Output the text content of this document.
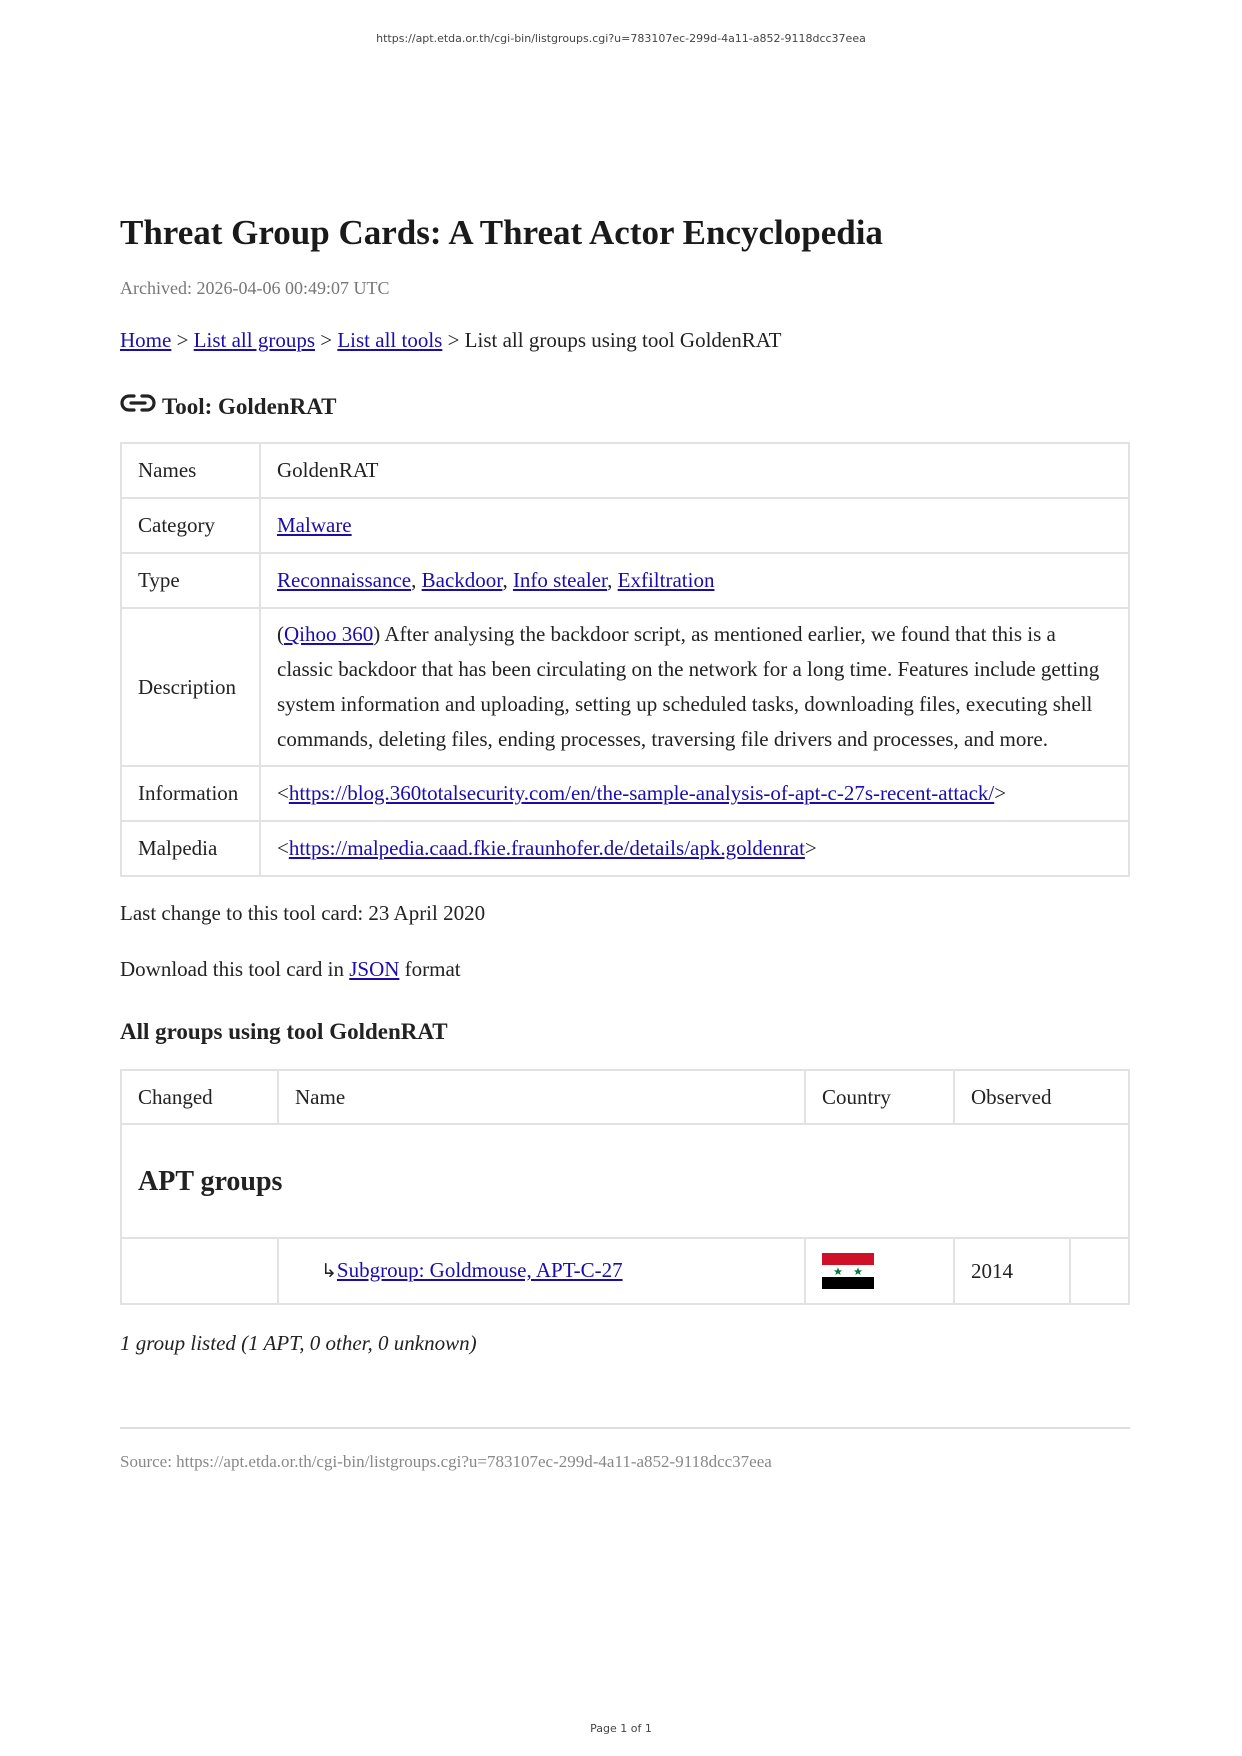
https://apt.etda.or.th/cgi-bin/listgroups.cgi?u=783107ec-299d-4a11-a852-9118dcc37eea
Threat Group Cards: A Threat Actor Encyclopedia
Archived: 2026-04-06 00:49:07 UTC
Home > List all groups > List all tools > List all groups using tool GoldenRAT
Tool: GoldenRAT
Names	GoldenRAT
Category	Malware
Type	Reconnaissance, Backdoor, Info stealer, Exfiltration
Description	(Qihoo 360) After analysing the backdoor script, as mentioned earlier, we found that this is a classic backdoor that has been circulating on the network for a long time. Features include getting system information and uploading, setting up scheduled tasks, downloading files, executing shell commands, deleting files, ending processes, traversing file drivers and processes, and more.
Information	<https://blog.360totalsecurity.com/en/the-sample-analysis-of-apt-c-27s-recent-attack/>
Malpedia	<https://malpedia.caad.fkie.fraunhofer.de/details/apk.goldenrat>
Last change to this tool card: 23 April 2020
Download this tool card in JSON format
All groups using tool GoldenRAT
Changed	Name	Country	Observed	
APT groups				
	↳Subgroup: Goldmouse, APT-C-27		2014	
1 group listed (1 APT, 0 other, 0 unknown)
Source: https://apt.etda.or.th/cgi-bin/listgroups.cgi?u=783107ec-299d-4a11-a852-9118dcc37eea
Page 1 of 1
